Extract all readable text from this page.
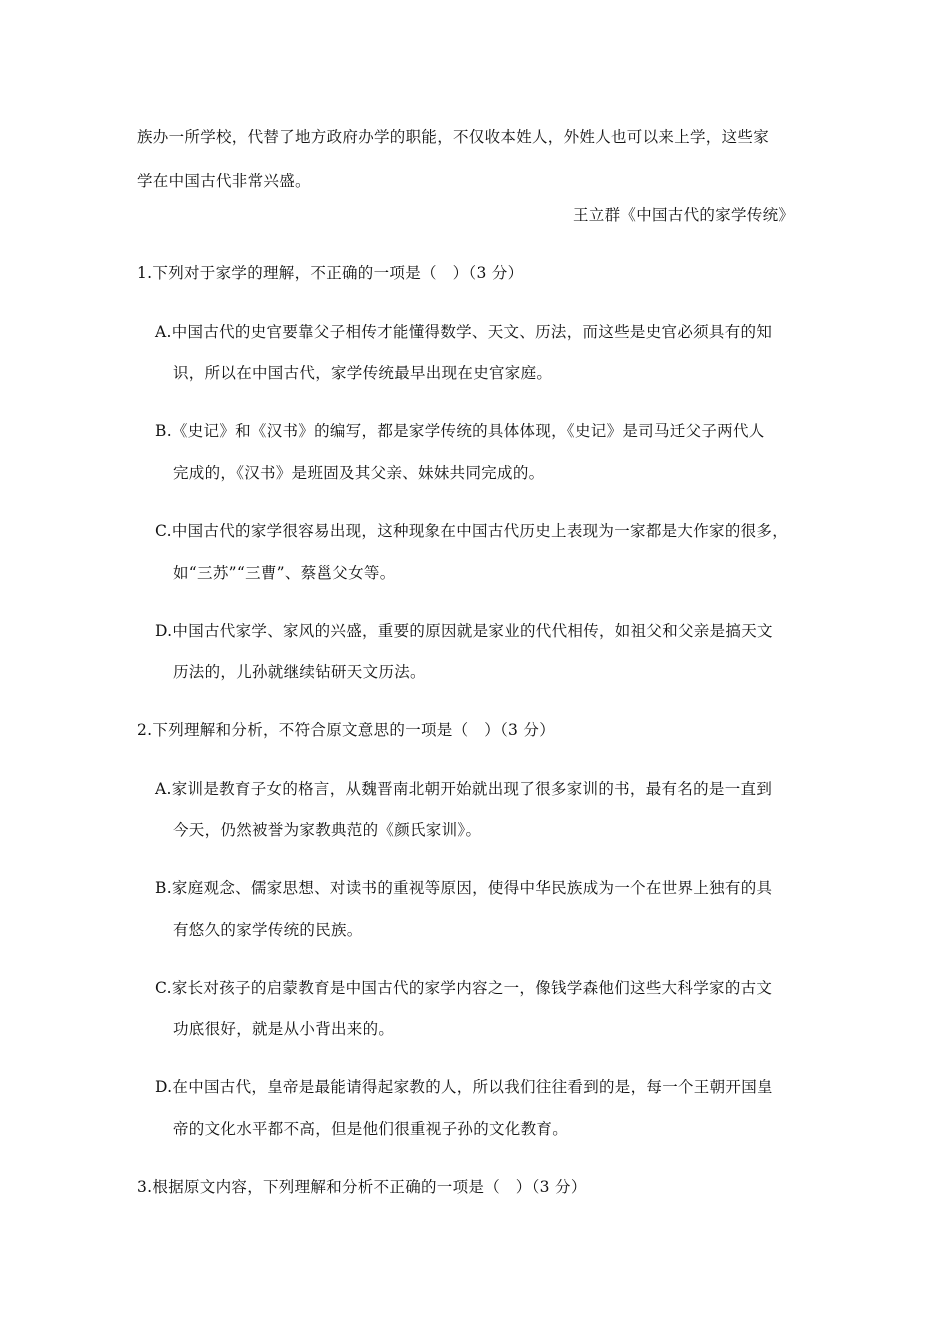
族办一所学校，代替了地方政府办学的职能，不仅收本姓人，外姓人也可以来上学，这些家
学在中国古代非常兴盛。
王立群《中国古代的家学传统》
1.下列对于家学的理解，不正确的一项是（　）（3 分）
A.中国古代的史官要靠父子相传才能懂得数学、天文、历法，而这些是史官必须具有的知
识，所以在中国古代，家学传统最早出现在史官家庭。
B.《史记》和《汉书》的编写，都是家学传统的具体体现，《史记》是司马迁父子两代人
完成的，《汉书》是班固及其父亲、妹妹共同完成的。
C.中国古代的家学很容易出现，这种现象在中国古代历史上表现为一家都是大作家的很多，
如“三苏”“三曹”、蔡邕父女等。
D.中国古代家学、家风的兴盛，重要的原因就是家业的代代相传，如祖父和父亲是搞天文
历法的，儿孙就继续钻研天文历法。
2.下列理解和分析，不符合原文意思的一项是（　）（3 分）
A.家训是教育子女的格言，从魏晋南北朝开始就出现了很多家训的书，最有名的是一直到
今天，仍然被誉为家教典范的《颜氏家训》。
B.家庭观念、儒家思想、对读书的重视等原因，使得中华民族成为一个在世界上独有的具
有悠久的家学传统的民族。
C.家长对孩子的启蒙教育是中国古代的家学内容之一，像钱学森他们这些大科学家的古文
功底很好，就是从小背出来的。
D.在中国古代，皇帝是最能请得起家教的人，所以我们往往看到的是，每一个王朝开国皇
帝的文化水平都不高，但是他们很重视子孙的文化教育。
3.根据原文内容，下列理解和分析不正确的一项是（　）（3 分）
